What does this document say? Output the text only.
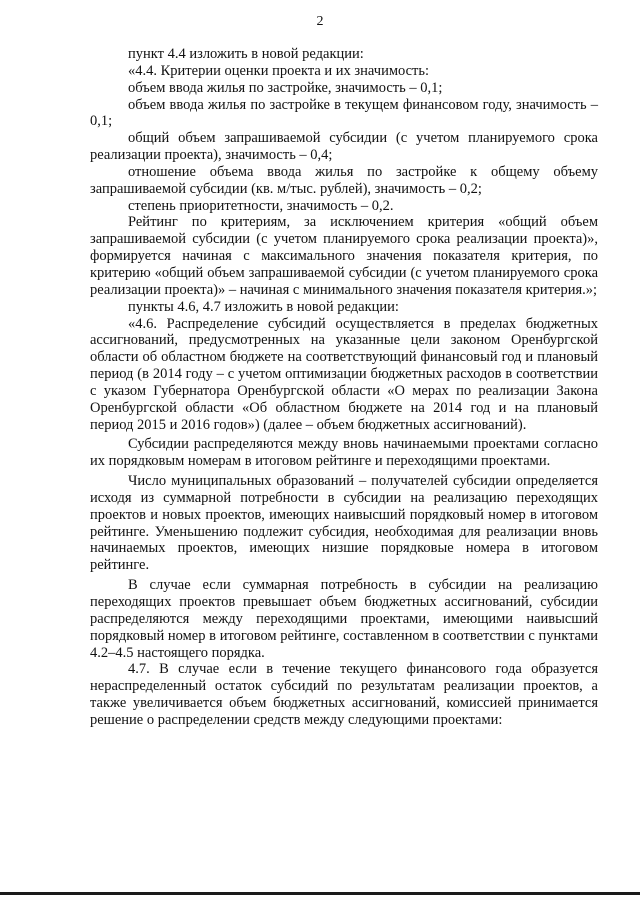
2

пункт 4.4 изложить в новой редакции:

«4.4. Критерии оценки проекта и их значимость:

объем ввода жилья по застройке, значимость – 0,1;

объем ввода жилья по застройке в текущем финансовом году, значимость – 0,1;

общий объем запрашиваемой субсидии (с учетом планируемого срока реализации проекта), значимость – 0,4;

отношение объема ввода жилья по застройке к общему объему запрашиваемой субсидии (кв. м/тыс. рублей), значимость – 0,2;

степень приоритетности, значимость – 0,2.

Рейтинг по критериям, за исключением критерия «общий объем запрашиваемой субсидии (с учетом планируемого срока реализации проекта)», формируется начиная с максимального значения показателя критерия, по критерию «общий объем запрашиваемой субсидии (с учетом планируемого срока реализации проекта)» – начиная с минимального значения показателя критерия.»;

пункты 4.6, 4.7 изложить в новой редакции:

«4.6. Распределение субсидий осуществляется в пределах бюджетных ассигнований, предусмотренных на указанные цели законом Оренбургской области об областном бюджете на соответствующий финансовый год и плановый период (в 2014 году – с учетом оптимизации бюджетных расходов в соответствии с указом Губернатора Оренбургской области «О мерах по реализации Закона Оренбургской области «Об областном бюджете на 2014 год и на плановый период 2015 и 2016 годов») (далее – объем бюджетных ассигнований).

Субсидии распределяются между вновь начинаемыми проектами согласно их порядковым номерам в итоговом рейтинге и переходящими проектами.

Число муниципальных образований – получателей субсидии определяется исходя из суммарной потребности в субсидии на реализацию переходящих проектов и новых проектов, имеющих наивысший порядковый номер в итоговом рейтинге. Уменьшению подлежит субсидия, необходимая для реализации вновь начинаемых проектов, имеющих низшие порядковые номера в итоговом рейтинге.

В случае если суммарная потребность в субсидии на реализацию переходящих проектов превышает объем бюджетных ассигнований, субсидии распределяются между переходящими проектами, имеющими наивысший порядковый номер в итоговом рейтинге, составленном в соответствии с пунктами 4.2–4.5 настоящего порядка.

4.7. В случае если в течение текущего финансового года образуется нераспределенный остаток субсидий по результатам реализации проектов, а также увеличивается объем бюджетных ассигнований, комиссией принимается решение о распределении средств между следующими проектами:
